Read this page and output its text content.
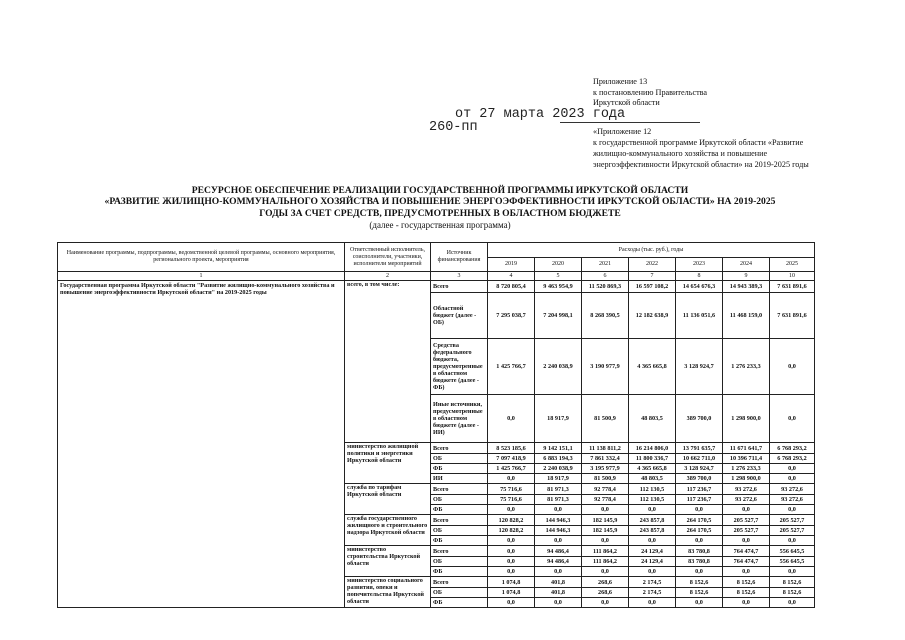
Приложение 13
к постановлению Правительства
Иркутской области
от 27 марта 2023 года
260-пп	«Приложение 12
к государственной программе Иркутской области «Развитие
жилищно-коммунального хозяйства и повышение
энергоэффективности Иркутской области» на 2019-2025 годы
РЕСУРСНОЕ ОБЕСПЕЧЕНИЕ РЕАЛИЗАЦИИ ГОСУДАРСТВЕННОЙ ПРОГРАММЫ ИРКУТСКОЙ ОБЛАСТИ
«РАЗВИТИЕ ЖИЛИЩНО-КОММУНАЛЬНОГО ХОЗЯЙСТВА И ПОВЫШЕНИЕ ЭНЕРГОЭФФЕКТИВНОСТИ ИРКУТСКОЙ ОБЛАСТИ» НА 2019-2025
ГОДЫ ЗА СЧЕТ СРЕДСТВ, ПРЕДУСМОТРЕННЫХ В ОБЛАСТНОМ БЮДЖЕТЕ
(далее - государственная программа)
Наименование программы, подпрограммы, ведомственной целевой программы, основного мероприятия, регионального проекта, мероприятия	Ответственный исполнитель, соисполнители, участники, исполнители мероприятий	Источник финансирования	Расходы (тыс. руб.), годы						
			2019	2020	2021	2022	2023	2024	2025
1	2	3	4	5	6	7	8	9	10
Государственная программа Иркутской области "Развитие жилищно-коммунального хозяйства и повышение энергоэффективности Иркутской области" на 2019-2025 годы	всего, в том числе:	Всего	8 720 805,4	9 463 954,9	11 520 869,3	16 597 108,2	14 654 676,3	14 943 389,3	7 631 891,6
		Областной бюджет (далее - ОБ)	7 295 038,7	7 204 998,1	8 268 390,5	12 182 638,9	11 136 051,6	11 468 159,0	7 631 891,6
		Средства федерального бюджета, предусмотренные в областном бюджете (далее - ФБ)	1 425 766,7	2 240 038,9	3 190 977,9	4 365 665,8	3 128 924,7	1 276 233,3	0,0
		Иные источники, предусмотренные в областном бюджете (далее - ИИ)	0,0	18 917,9	81 500,9	48 803,5	389 700,0	1 298 900,0	0,0
	министерство жилищной политики и энергетики Иркутской области	Всего	8 523 185,6	9 142 151,1	11 138 811,2	16 214 806,0	13 791 635,7	11 671 641,7	6 768 293,2
		ОБ	7 097 418,9	6 883 194,3	7 861 332,4	11 800 336,7	10 662 711,0	10 396 711,4	6 768 293,2
		ФБ	1 425 766,7	2 240 038,9	3 195 977,9	4 365 665,8	3 128 924,7	1 276 233,3	0,0
		ИИ	0,0	18 917,9	81 500,9	48 803,5	389 700,0	1 298 900,0	0,0
	служба по тарифам Иркутской области	Всего	75 716,6	81 971,3	92 778,4	112 130,5	117 236,7	93 272,6	93 272,6
		ОБ	75 716,6	81 971,3	92 778,4	112 130,5	117 236,7	93 272,6	93 272,6
		ФБ	0,0	0,0	0,0	0,0	0,0	0,0	0,0
	служба государственного жилищного и строительного надзора Иркутской области	Всего	120 828,2	144 946,3	182 145,9	243 857,8	264 170,5	205 527,7	205 527,7
		ОБ	120 828,2	144 946,3	182 145,9	243 857,8	264 170,5	205 527,7	205 527,7
		ФБ	0,0	0,0	0,0	0,0	0,0	0,0	0,0
	министерство строительства Иркутской области	Всего	0,0	94 486,4	111 864,2	24 129,4	83 780,8	764 474,7	556 645,5
		ОБ	0,0	94 486,4	111 864,2	24 129,4	83 780,8	764 474,7	556 645,5
		ФБ	0,0	0,0	0,0	0,0	0,0	0,0	0,0
	министерство социального развития, опеки и попечительства Иркутской области	Всего	1 074,8	401,8	268,6	2 174,5	8 152,6	8 152,6	8 152,6
		ОБ	1 074,8	401,8	268,6	2 174,5	8 152,6	8 152,6	8 152,6
		ФБ	0,0	0,0	0,0	0,0	0,0	0,0	0,0
